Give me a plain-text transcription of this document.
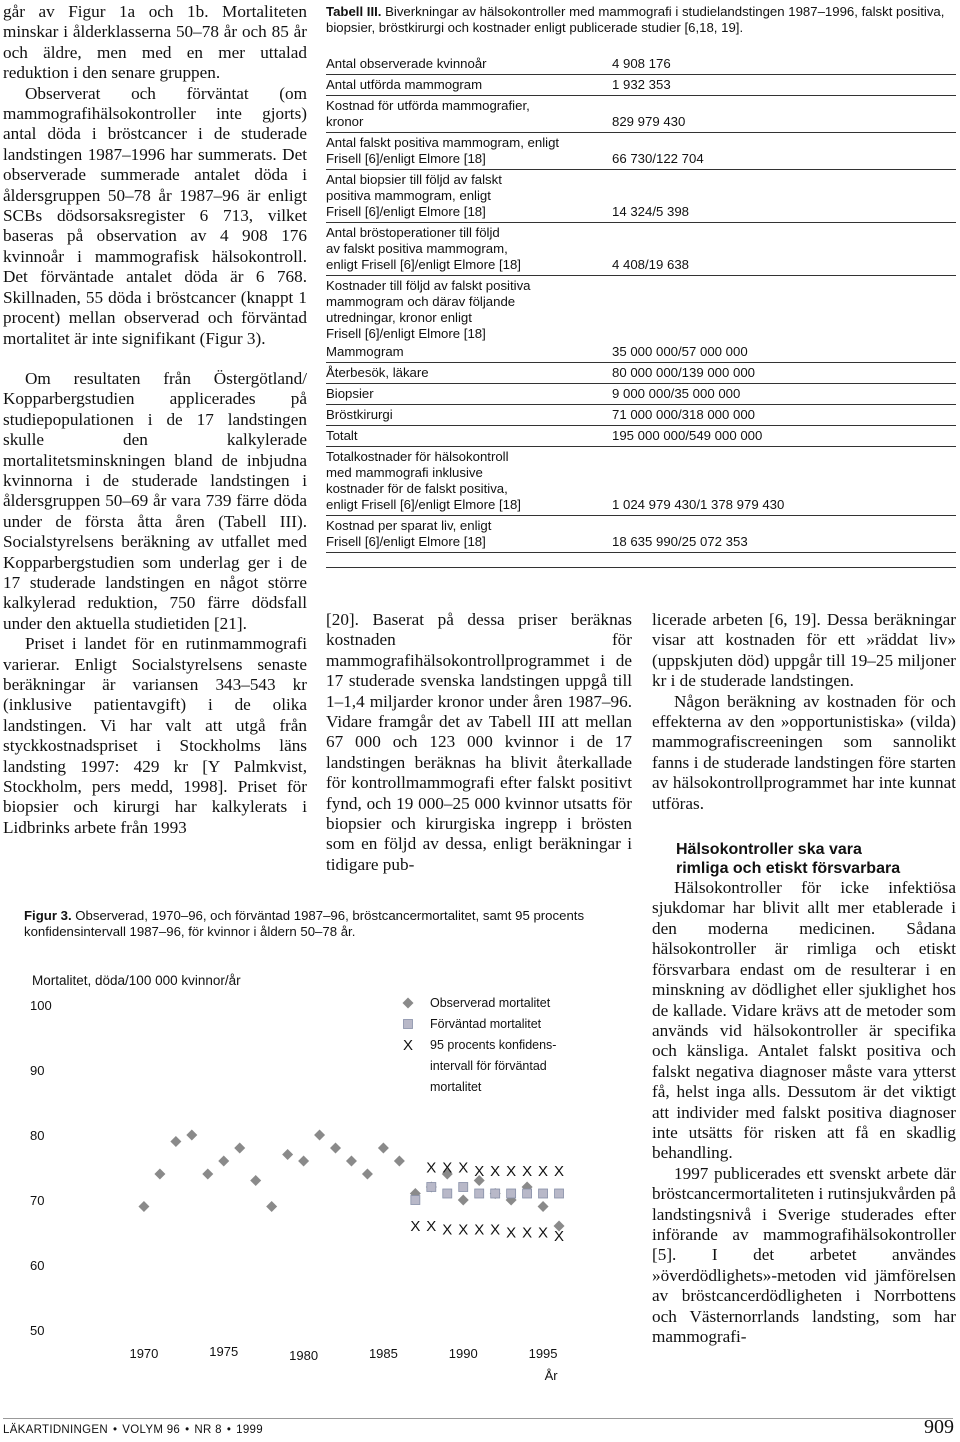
går av Figur 1a och 1b. Mortaliteten minskar i ålderklasserna 50–78 år och 85 år och äldre, men med en mer uttalad reduktion i den senare gruppen.

Observerat och förväntat (om mammografihälsokontroller inte gjorts) antal döda i bröstcancer i de studerade landstingen 1987–1996 har summerats. Det observerade summerade antalet döda i åldersgruppen 50–78 år 1987–96 är enligt SCBs dödsorsaksregister 6 713, vilket baseras på observation av 4 908 176 kvinnoår i mammografisk hälsokontroll. Det förväntade antalet döda är 6 768. Skillnaden, 55 döda i bröstcancer (knappt 1 procent) mellan observerad och förväntad mortalitet är inte signifikant (Figur 3).

Om resultaten från Östergötland/ Kopparbergstudien applicerades på studiepopulationen i de 17 landstingen skulle den kalkylerade mortalitetsminskningen bland de inbjudna kvinnorna i de studerade landstingen i åldersgruppen 50–69 år vara 739 färre döda under de första åtta åren (Tabell III). Socialstyrelsens beräkning av utfallet med Kopparbergstudien som underlag ger i de 17 studerade landstingen en något större kalkylerad reduktion, 750 färre dödsfall under den aktuella studietiden [21].

Priset i landet för en rutinmammografi varierar. Enligt Socialstyrelsens senaste beräkningar är variansen 343–543 kr (inklusive patientavgift) i de olika landstingen. Vi har valt att utgå från styckkostnadspriset i Stockholms läns landsting 1997: 429 kr [Y Palmkvist, Stockholm, pers medd, 1998]. Priset för biopsier och kirurgi har kalkylerats i Lidbrinks arbete från 1993

Tabell III. Biverkningar av hälsokontroller med mammografi i studielandstingen 1987–1996, falskt positiva, biopsier, bröstkirurgi och kostnader enligt publicerade studier [6,18, 19].
Antal observerade kvinnoår	4 908 176
Antal utförda mammogram	1 932 353
Kostnad för utförda mammografier,
kronor	829 979 430
Antal falskt positiva mammogram, enligt
Frisell [6]/enligt Elmore [18]	66 730/122 704
Antal biopsier till följd av falskt
positiva mammogram, enligt
Frisell [6]/enligt Elmore [18]	14 324/5 398
Antal bröstoperationer till följd
av falskt positiva mammogram,
enligt Frisell [6]/enligt Elmore [18]	4 408/19 638
Kostnader till följd av falskt positiva
mammogram och därav följande
utredningar, kronor enligt
Frisell [6]/enligt Elmore [18]
Mammogram	35 000 000/57 000 000
Återbesök, läkare	80 000 000/139 000 000
Biopsier	9 000 000/35 000 000
Bröstkirurgi	71 000 000/318 000 000
Totalt	195 000 000/549 000 000
Totalkostnader för hälsokontroll
med mammografi inklusive
kostnader för de falskt positiva,
enligt Frisell [6]/enligt Elmore [18]	1 024 979 430/1 378 979 430
Kostnad per sparat liv, enligt
Frisell [6]/enligt Elmore [18]	18 635 990/25 072 353

[20]. Baserat på dessa priser beräknas kostnaden för mammografihälsokontrollprogrammet i de 17 studerade svenska landstingen uppgå till 1–1,4 miljarder kronor under åren 1987–96. Vidare framgår det av Tabell III att mellan 67 000 och 123 000 kvinnor i de 17 landstingen beräknas ha blivit återkallade för kontrollmammografi efter falskt positivt fynd, och 19 000–25 000 kvinnor utsatts för biopsier och kirurgiska ingrepp i brösten som en följd av dessa, enligt beräkningar i tidigare pub-

licerade arbeten [6, 19]. Dessa beräkningar visar att kostnaden för ett »räddat liv» (uppskjuten död) uppgår till 19–25 miljoner kr i de studerade landstingen.

Någon beräkning av kostnaden för och effekterna av den »opportunistiska» (vilda) mammografiscreeningen som sannolikt fanns i de studerade landstingen före starten av hälsokontrollprogrammet har inte kunnat utföras.

Hälsokontroller ska vara
rimliga och etiskt försvarbara

Hälsokontroller för icke infektiösa sjukdomar har blivit allt mer etablerade i den moderna medicinen. Sådana hälsokontroller är rimliga och etiskt försvarbara endast om de resulterar i en minskning av dödlighet eller sjuklighet hos de kallade. Vidare krävs att de metoder som används vid hälsokontroller är specifika och känsliga. Antalet falskt positiva och falskt negativa diagnoser måste vara ytterst få, helst inga alls. Dessutom är det viktigt att individer med falskt positiva diagnoser inte utsätts för risken att få en skadlig behandling.

1997 publicerades ett svenskt arbete där bröstcancermortaliteten i rutinsjukvården på landstingsnivå i Sverige studerades efter införande av mammografihälsokontroller [5]. I det arbetet användes »överdödlighets»-metoden vid jämförelsen av bröstcancerdödligheten i Norrbottens och Västernorrlands landsting, som har mammografi-

Figur 3. Observerad, 1970–96, och förväntad 1987–96, bröstcancermortalitet, samt 95 procents konfidensintervall 1987–96, för kvinnor i åldern 50–78 år.
Mortalitet, döda/100 000 kvinnor/år
100
90
80
70
60
50
1970	1975	1980	1985	1990	1995
År
X X X X X X X X X
X X X X X X X X X X
Observerad mortalitet
Förväntad mortalitet
X 95 procents konfidens-
intervall för förväntad
mortalitet
LÄKARTIDNINGEN • VOLYM 96 • NR 8 • 1999	909
